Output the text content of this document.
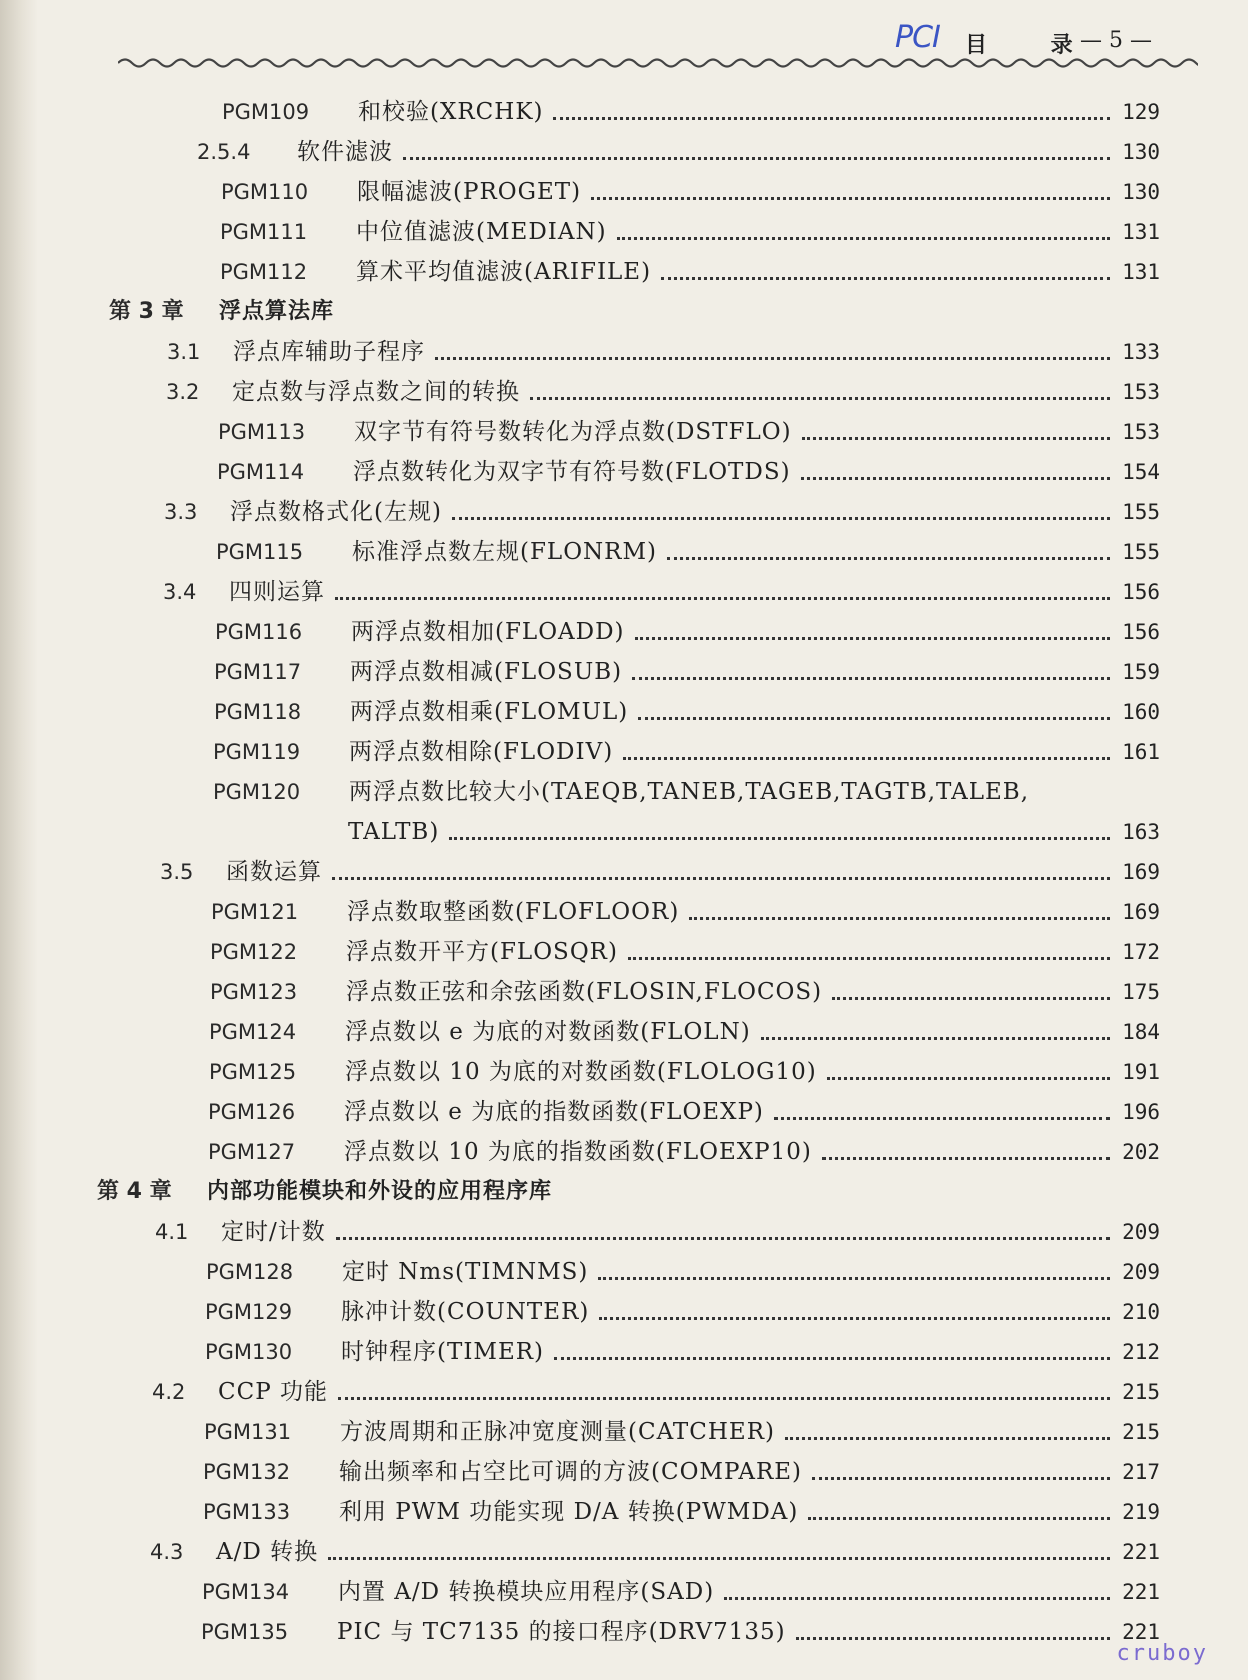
PCI 目 录
— 5 —
PGM109	和校验(XRCHK)	129
2.5.4	软件滤波	130
PGM110	限幅滤波(PROGET)	130
PGM111	中位值滤波(MEDIAN)	131
PGM112	算术平均值滤波(ARIFILE)	131
第 3 章	浮点算法库
3.1	浮点库辅助子程序	133
3.2	定点数与浮点数之间的转换	153
PGM113	双字节有符号数转化为浮点数(DSTFLO)	153
PGM114	浮点数转化为双字节有符号数(FLOTDS)	154
3.3	浮点数格式化(左规)	155
PGM115	标准浮点数左规(FLONRM)	155
3.4	四则运算	156
PGM116	两浮点数相加(FLOADD)	156
PGM117	两浮点数相减(FLOSUB)	159
PGM118	两浮点数相乘(FLOMUL)	160
PGM119	两浮点数相除(FLODIV)	161
PGM120	两浮点数比较大小(TAEQB,TANEB,TAGEB,TAGTB,TALEB,
TALTB)	163
3.5	函数运算	169
PGM121	浮点数取整函数(FLOFLOOR)	169
PGM122	浮点数开平方(FLOSQR)	172
PGM123	浮点数正弦和余弦函数(FLOSIN,FLOCOS)	175
PGM124	浮点数以 e 为底的对数函数(FLOLN)	184
PGM125	浮点数以 10 为底的对数函数(FLOLOG10)	191
PGM126	浮点数以 e 为底的指数函数(FLOEXP)	196
PGM127	浮点数以 10 为底的指数函数(FLOEXP10)	202
第 4 章	内部功能模块和外设的应用程序库
4.1	定时/计数	209
PGM128	定时 Nms(TIMNMS)	209
PGM129	脉冲计数(COUNTER)	210
PGM130	时钟程序(TIMER)	212
4.2	CCP 功能	215
PGM131	方波周期和正脉冲宽度测量(CATCHER)	215
PGM132	输出频率和占空比可调的方波(COMPARE)	217
PGM133	利用 PWM 功能实现 D/A 转换(PWMDA)	219
4.3	A/D 转换	221
PGM134	内置 A/D 转换模块应用程序(SAD)	221
PGM135	PIC 与 TC7135 的接口程序(DRV7135)	221
cruboy
